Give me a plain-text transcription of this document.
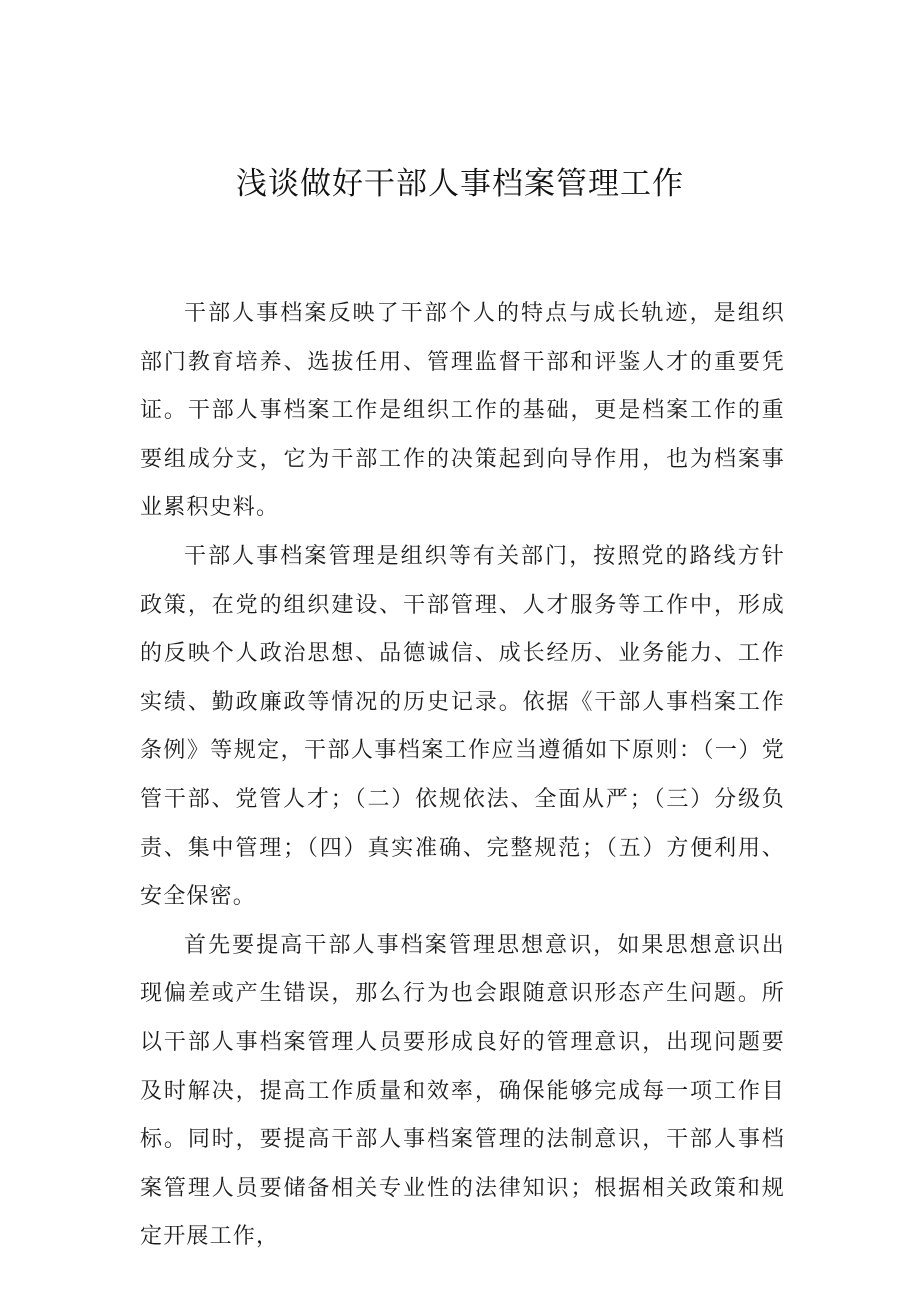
浅谈做好干部人事档案管理工作

干部人事档案反映了干部个人的特点与成长轨迹，是组织部门教育培养、选拔任用、管理监督干部和评鉴人才的重要凭证。干部人事档案工作是组织工作的基础，更是档案工作的重要组成分支，它为干部工作的决策起到向导作用，也为档案事业累积史料。

干部人事档案管理是组织等有关部门，按照党的路线方针政策，在党的组织建设、干部管理、人才服务等工作中，形成的反映个人政治思想、品德诚信、成长经历、业务能力、工作实绩、勤政廉政等情况的历史记录。依据《干部人事档案工作条例》等规定，干部人事档案工作应当遵循如下原则：（一）党管干部、党管人才；（二）依规依法、全面从严；（三）分级负责、集中管理；（四）真实准确、完整规范；（五）方便利用、安全保密。

首先要提高干部人事档案管理思想意识，如果思想意识出现偏差或产生错误，那么行为也会跟随意识形态产生问题。所以干部人事档案管理人员要形成良好的管理意识，出现问题要及时解决，提高工作质量和效率，确保能够完成每一项工作目标。同时，要提高干部人事档案管理的法制意识，干部人事档案管理人员要储备相关专业性的法律知识；根据相关政策和规定开展工作，
